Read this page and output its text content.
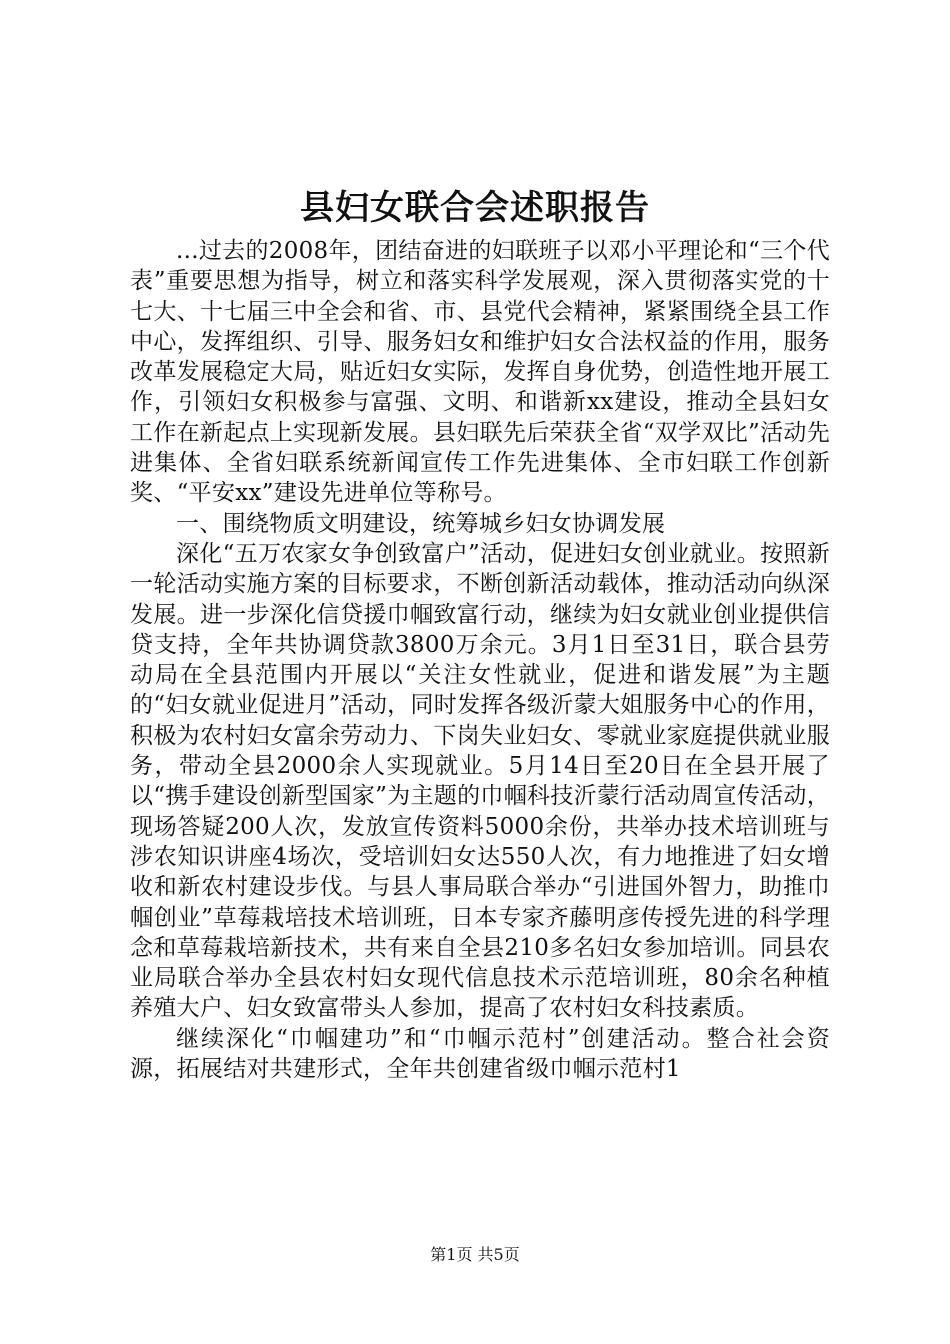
县妇女联合会述职报告

...过去的2008年，团结奋进的妇联班子以邓小平理论和“三个代表”重要思想为指导，树立和落实科学发展观，深入贯彻落实党的十七大、十七届三中全会和省、市、县党代会精神，紧紧围绕全县工作中心，发挥组织、引导、服务妇女和维护妇女合法权益的作用，服务改革发展稳定大局，贴近妇女实际，发挥自身优势，创造性地开展工作，引领妇女积极参与富强、文明、和谐新xx建设，推动全县妇女工作在新起点上实现新发展。县妇联先后荣获全省“双学双比”活动先进集体、全省妇联系统新闻宣传工作先进集体、全市妇联工作创新奖、“平安xx”建设先进单位等称号。

一、围绕物质文明建设，统筹城乡妇女协调发展

深化“五万农家女争创致富户”活动，促进妇女创业就业。按照新一轮活动实施方案的目标要求，不断创新活动载体，推动活动向纵深发展。进一步深化信贷援巾帼致富行动，继续为妇女就业创业提供信贷支持，全年共协调贷款3800万余元。3月1日至31日，联合县劳动局在全县范围内开展以“关注女性就业，促进和谐发展”为主题的“妇女就业促进月”活动，同时发挥各级沂蒙大姐服务中心的作用，积极为农村妇女富余劳动力、下岗失业妇女、零就业家庭提供就业服务，带动全县2000余人实现就业。5月14日至20日在全县开展了以“携手建设创新型国家”为主题的巾帼科技沂蒙行活动周宣传活动，现场答疑200人次，发放宣传资料5000余份，共举办技术培训班与涉农知识讲座4场次，受培训妇女达550人次，有力地推进了妇女增收和新农村建设步伐。与县人事局联合举办“引进国外智力，助推巾帼创业”草莓栽培技术培训班，日本专家齐藤明彦传授先进的科学理念和草莓栽培新技术，共有来自全县210多名妇女参加培训。同县农业局联合举办全县农村妇女现代信息技术示范培训班，80余名种植养殖大户、妇女致富带头人参加，提高了农村妇女科技素质。

继续深化“巾帼建功”和“巾帼示范村”创建活动。整合社会资源，拓展结对共建形式，全年共创建省级巾帼示范村1

第1页 共5页
